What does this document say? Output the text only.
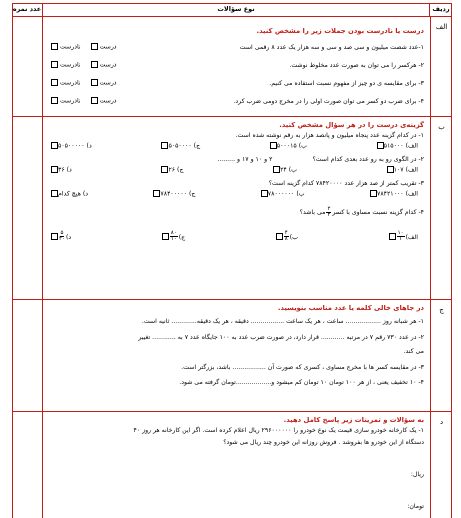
ردیف
نوع سؤالات
عدد نمره
الف
درست یا نادرست بودن جملات زیر را مشخص کنید.
۱-عدد شصت میلیون و سی صد و سی و سه هزار یک عدد ۸ رقمی است
درست
نادرست
۲- هرکسر را می توان به صورت عدد مخلوط نوشت.
درست
نادرست
۳- برای مقایسه ی دو چیز از مفهوم نسبت استفاده می کنیم.
درست
نادرست
۴- برای ضرب دو کسر می توان صورت اولی را در مخرج دومی ضرب کرد.
درست
نادرست
ب
گزینه‌ی درست را در هر سؤال مشخص کنید.
۱- در کدام گزینه عدد پنجاه میلیون و پانصد هزار به رقم نوشته شده است.
الف) ۵۱۵۰۰۰
ب) ۵۰۰۰۱۵
ج) ۵۰۵۰۰۰۰
د) ۵۰۵۰۰۰۰۰
۲- در الگوی رو به رو عدد بعدی کدام است؟
۲ و ۱۰ و ۱۷ و .........
الف) ۱۰۷
ب) ۲۴
ج) ۲۶
د) ۳۶
۳- تقریب کمتر از صد هزار عدد ۷۸۴۲۰۰۰۰ کدام گزینه است؟
الف) ۷۸۴۲۱۰۰۰
ب) ۷۸۰۰۰۰۰۰
ج) ۷۸۴۰۰۰۰۰
د) هیچ کدام
۴- کدام گزینه نسبت مساوی با کسر
$\frac{۲}{۴}$
می باشد؟
الف)
$\frac{۱۰}{۱}$
ب)
$\frac{۴}{۸}$
ج)
$\frac{۸۰}{۱۰}$
د)
$\frac{۵}{۲۰}$
ج
در جاهای خالی کلمه یا عدد مناسب بنویسید.
۱- هر شبانه روز .................. ساعت ، هر یک ساعت ................. دقیقه ، هر یک دقیقه............. ثانیه است.
۲- در عدد ۷۳۰ رقم ۷ در مرتبه ............ قرار دارد، در صورت ضرب عدد به ۱۰۰ جایگاه عدد ۷ به ............ تغییر
می کند.
۳- در مقایسه کسر ها با مخرج مساوی ، کسری که صورت آن ................. باشد، بزرگتر است.
۴- ۱۰ تخفیف یعنی ، از هر ۱۰۰ تومان ۱۰ تومان کم میشود و..................تومان گرفته می شود.
د
به سؤالات و تمرینات زیر پاسخ کامل دهید.
۱- یک کارخانه خودرو سازی قیمت یک نوع خودرو را ۲۹۶۰۰۰۰۰۰ ریال اعلام کرده است. اگر این کارخانه هر روز ۴۰
دستگاه از این خودرو ها بفروشد . فروش روزانه این خودرو چند ریال می شود؟
ریال:
تومان:
